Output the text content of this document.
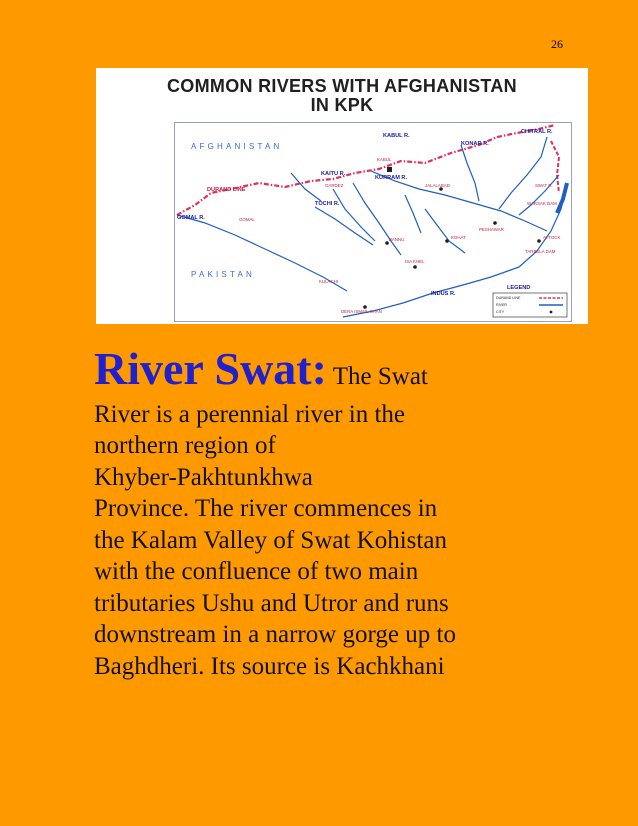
26
COMMON RIVERS WITH AFGHANISTAN
IN KPK
AFGHANISTAN
PAKISTAN
KABUL R.
KONAR R.
CHITRAL R.
KAITU R.
KURRAM R.
TOCHI R.
GOMAL R.
INDUS R.
KABUL
GARDEZ	JALALABAD	SWAT R.
GOMAL
WARSAK DAM
PESHAWAR
ATTOCK
BANNU	KOHAT
TARBELA DAM
ISA KHEL
KULACHI
DERA ISMAIL KHAN
DURAND LINE
LEGEND
DURAND LINE
RIVER
CITY
River Swat: The Swat
River is a perennial river in the
northern region of
Khyber-Pakhtunkhwa
Province. The river commences in
the Kalam Valley of Swat Kohistan
with the confluence of two main
tributaries Ushu and Utror and runs
downstream in a narrow gorge up to
Baghdheri. Its source is Kachkhani
